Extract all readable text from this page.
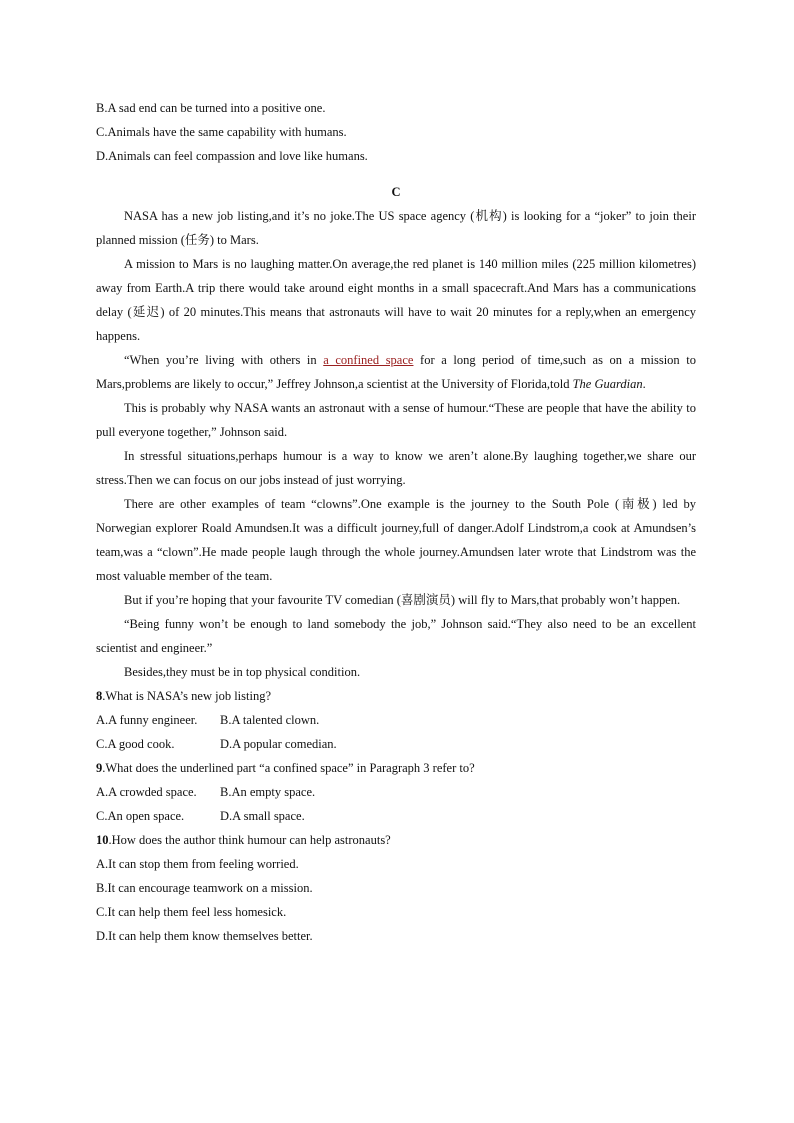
B.A sad end can be turned into a positive one.
C.Animals have the same capability with humans.
D.Animals can feel compassion and love like humans.
C

NASA has a new job listing,and it’s no joke.The US space agency (机构) is looking for a “joker” to join their planned mission (任务) to Mars.

A mission to Mars is no laughing matter.On average,the red planet is 140 million miles (225 million kilometres) away from Earth.A trip there would take around eight months in a small spacecraft.And Mars has a communications delay (延迟) of 20 minutes.This means that astronauts will have to wait 20 minutes for a reply,when an emergency happens.

“When you’re living with others in a confined space for a long period of time,such as on a mission to Mars,problems are likely to occur,” Jeffrey Johnson,a scientist at the University of Florida,told The Guardian.

This is probably why NASA wants an astronaut with a sense of humour.“These are people that have the ability to pull everyone together,” Johnson said.

In stressful situations,perhaps humour is a way to know we aren’t alone.By laughing together,we share our stress.Then we can focus on our jobs instead of just worrying.

There are other examples of team “clowns”.One example is the journey to the South Pole (南极) led by Norwegian explorer Roald Amundsen.It was a difficult journey,full of danger.Adolf Lindstrom,a cook at Amundsen’s team,was a “clown”.He made people laugh through the whole journey.Amundsen later wrote that Lindstrom was the most valuable member of the team.

But if you’re hoping that your favourite TV comedian (喜剧演员) will fly to Mars,that probably won’t happen.

“Being funny won’t be enough to land somebody the job,” Johnson said.“They also need to be an excellent scientist and engineer.”

Besides,they must be in top physical condition.

8.What is NASA’s new job listing?
A.A funny engineer.	B.A talented clown.
C.A good cook.	D.A popular comedian.
9.What does the underlined part “a confined space” in Paragraph 3 refer to?
A.A crowded space.	B.An empty space.
C.An open space.	D.A small space.
10.How does the author think humour can help astronauts?
A.It can stop them from feeling worried.
B.It can encourage teamwork on a mission.
C.It can help them feel less homesick.
D.It can help them know themselves better.
